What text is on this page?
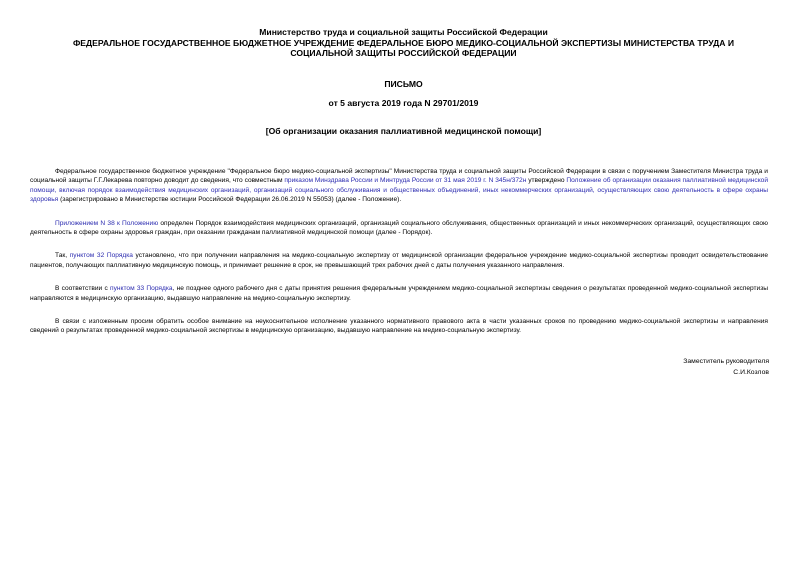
Министерство труда и социальной защиты Российской Федерации
ФЕДЕРАЛЬНОЕ ГОСУДАРСТВЕННОЕ БЮДЖЕТНОЕ УЧРЕЖДЕНИЕ ФЕДЕРАЛЬНОЕ БЮРО МЕДИКО-СОЦИАЛЬНОЙ ЭКСПЕРТИЗЫ МИНИСТЕРСТВА ТРУДА И
СОЦИАЛЬНОЙ ЗАЩИТЫ РОССИЙСКОЙ ФЕДЕРАЦИИ
ПИСЬМО
от 5 августа 2019 года N 29701/2019
[Об организации оказания паллиативной медицинской помощи]

Федеральное государственное бюджетное учреждение "Федеральное бюро медико-социальной экспертизы" Министерства труда и социальной защиты Российской Федерации в связи с поручением Заместителя Министра труда и социальной защиты Г.Г.Лекарева повторно доводит до сведения, что совместным приказом Минздрава России и Минтруда России от 31 мая 2019 г. N 345н/372н утверждено Положение об организации оказания паллиативной медицинской помощи, включая порядок взаимодействия медицинских организаций, организаций социального обслуживания и общественных объединений, иных некоммерческих организаций, осуществляющих свою деятельность в сфере охраны здоровья (зарегистрировано в Министерстве юстиции Российской Федерации 26.06.2019 N 55053) (далее - Положение).

Приложением N 38 к Положению определен Порядок взаимодействия медицинских организаций, организаций социального обслуживания, общественных организаций и иных некоммерческих организаций, осуществляющих свою деятельность в сфере охраны здоровья граждан, при оказании гражданам паллиативной медицинской помощи (далее - Порядок).

Так, пунктом 32 Порядка установлено, что при получении направления на медико-социальную экспертизу от медицинской организации федеральное учреждение медико-социальной экспертизы проводит освидетельствование пациентов, получающих паллиативную медицинскую помощь, и принимает решение в срок, не превышающий трех рабочих дней с даты получения указанного направления.

В соответствии с пунктом 33 Порядка, не позднее одного рабочего дня с даты принятия решения федеральным учреждением медико-социальной экспертизы сведения о результатах проведенной медико-социальной экспертизы направляются в медицинскую организацию, выдавшую направление на медико-социальную экспертизу.

В связи с изложенным просим обратить особое внимание на неукоснительное исполнение указанного нормативного правового акта в части указанных сроков по проведению медико-социальной экспертизы и направления сведений о результатах проведенной медико-социальной экспертизы в медицинскую организацию, выдавшую направление на медико-социальную экспертизу.

Заместитель руководителя
С.И.Козлов
